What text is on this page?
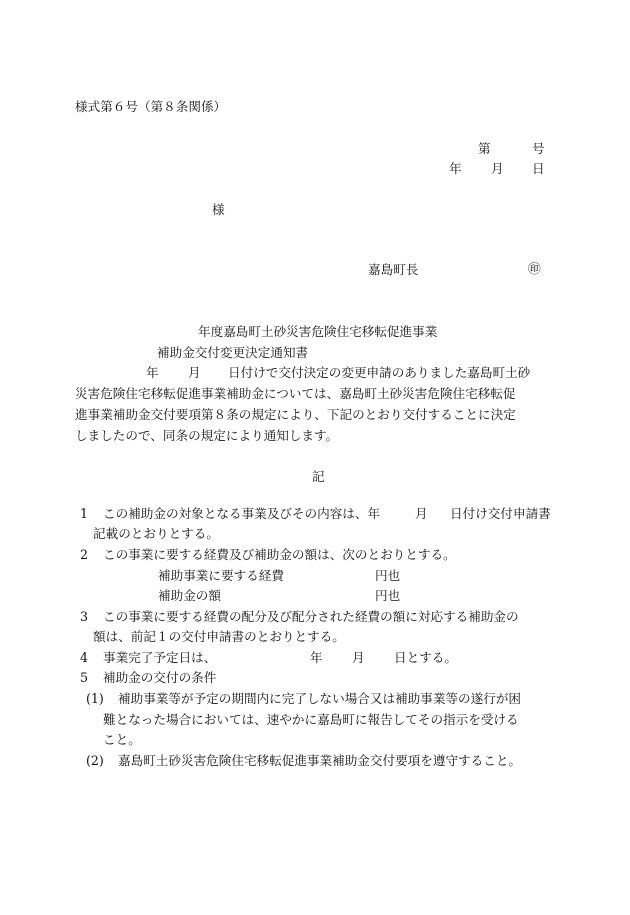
様式第６号（第８条関係）
第	号
年 月 日
様
嘉島町長	㊞
年度嘉島町土砂災害危険住宅移転促進事業
補助金交付変更決定通知書
年 月 日付けで交付決定の変更申請のありました嘉島町土砂
災害危険住宅移転促進事業補助金については、嘉島町土砂災害危険住宅移転促
進事業補助金交付要項第８条の規定により、下記のとおり交付することに決定
しましたので、同条の規定により通知します。
記
1 この補助金の対象となる事業及びその内容は、年	月 日付け交付申請書
記載のとおりとする。
2 この事業に要する経費及び補助金の額は、次のとおりとする。
補助事業に要する経費	円也
補助金の額	円也
3 この事業に要する経費の配分及び配分された経費の額に対応する補助金の
額は、前記１の交付申請書のとおりとする。
4 事業完了予定日は、	年 月 日とする。
5 補助金の交付の条件
(1) 補助事業等が予定の期間内に完了しない場合又は補助事業等の遂行が困
難となった場合においては、速やかに嘉島町に報告してその指示を受ける
こと。
(2) 嘉島町土砂災害危険住宅移転促進事業補助金交付要項を遵守すること。
